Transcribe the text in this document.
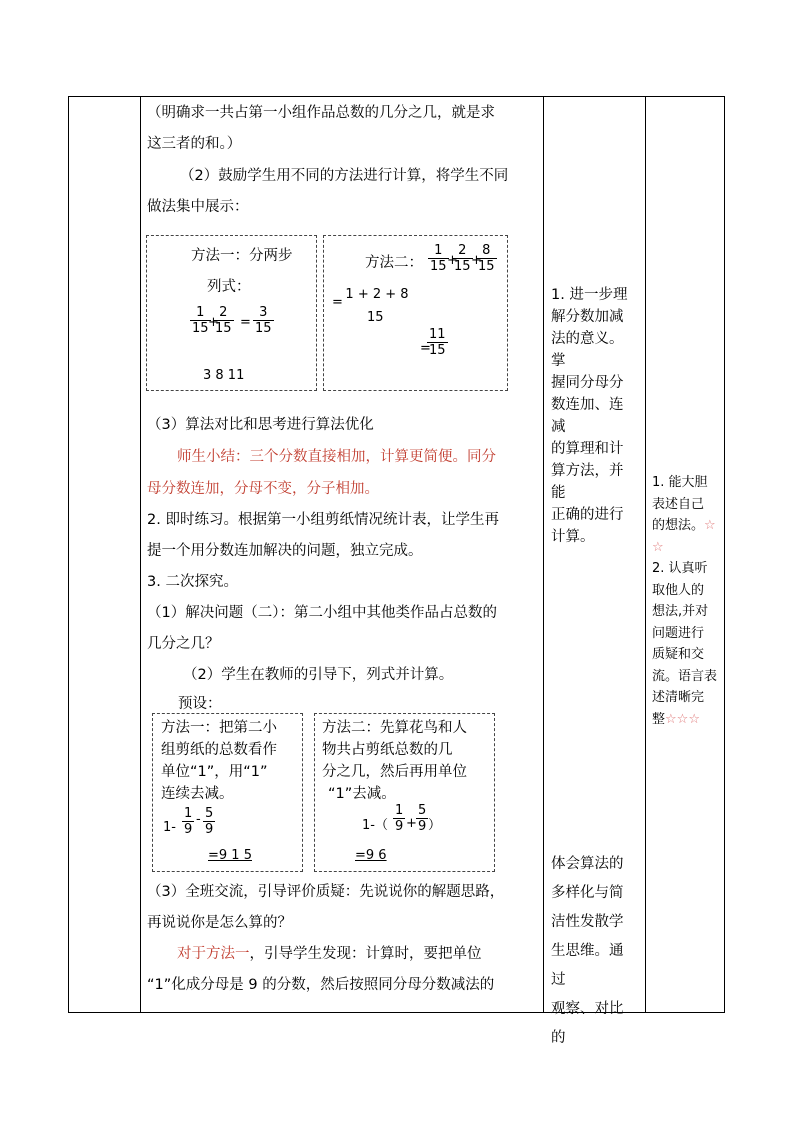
（明确求一共占第一小组作品总数的几分之几，就是求
这三者的和。）
（2）鼓励学生用不同的方法进行计算，将学生不同
做法集中展示：
方法一：分两步
列式：
$\frac{1}{15}$
+
$\frac{2}{15} = \frac{3}{15}$
3 8 11
方法二： $\frac{1}{15}$
+
$\frac{2}{15}$
+
$\frac{8}{15}$
=
1 + 2 + 8
15
=
$\frac{11}{15}$
（3）算法对比和思考进行算法优化
师生小结：三个分数直接相加，计算更简便。同分
母分数连加，分母不变，分子相加。
2. 即时练习。根据第一小组剪纸情况统计表，让学生再
提一个用分数连加解决的问题，独立完成。
3. 二次探究。
（1）解决问题（二）：第二小组中其他类作品占总数的
几分之几？
（2）学生在教师的引导下，列式并计算。
预设：
方法一：把第二小
组剪纸的总数看作
单位“1”，用“1”
连续去减。
$1- \frac{1}{9} - \frac{5}{9}$
=9 1 5
方法二：先算花鸟和人
物共占剪纸总数的几
分之几，然后再用单位
“1”去减。
$1-( \frac{1}{9} + \frac{5}{9}$ ）
=9 6
（3）全班交流，引导评价质疑：先说说你的解题思路，
再说说你是怎么算的？
对于方法一，引导学生发现：计算时，要把单位
“1”化成分母是 9 的分数，然后按照同分母分数减法的
1. 进一步理
解分数加减
法的意义。掌
握同分母分
数连加、连减
的算理和计
算方法，并能
正确的进行
计算。
体会算法的
多样化与简
洁性发散学
生思维。通过
观察、对比的
1. 能大胆
表述自己
的想法。☆
☆
2. 认真听
取他人的
想法,并对
问题进行
质疑和交
流。语言表
述清晰完
整☆☆☆
